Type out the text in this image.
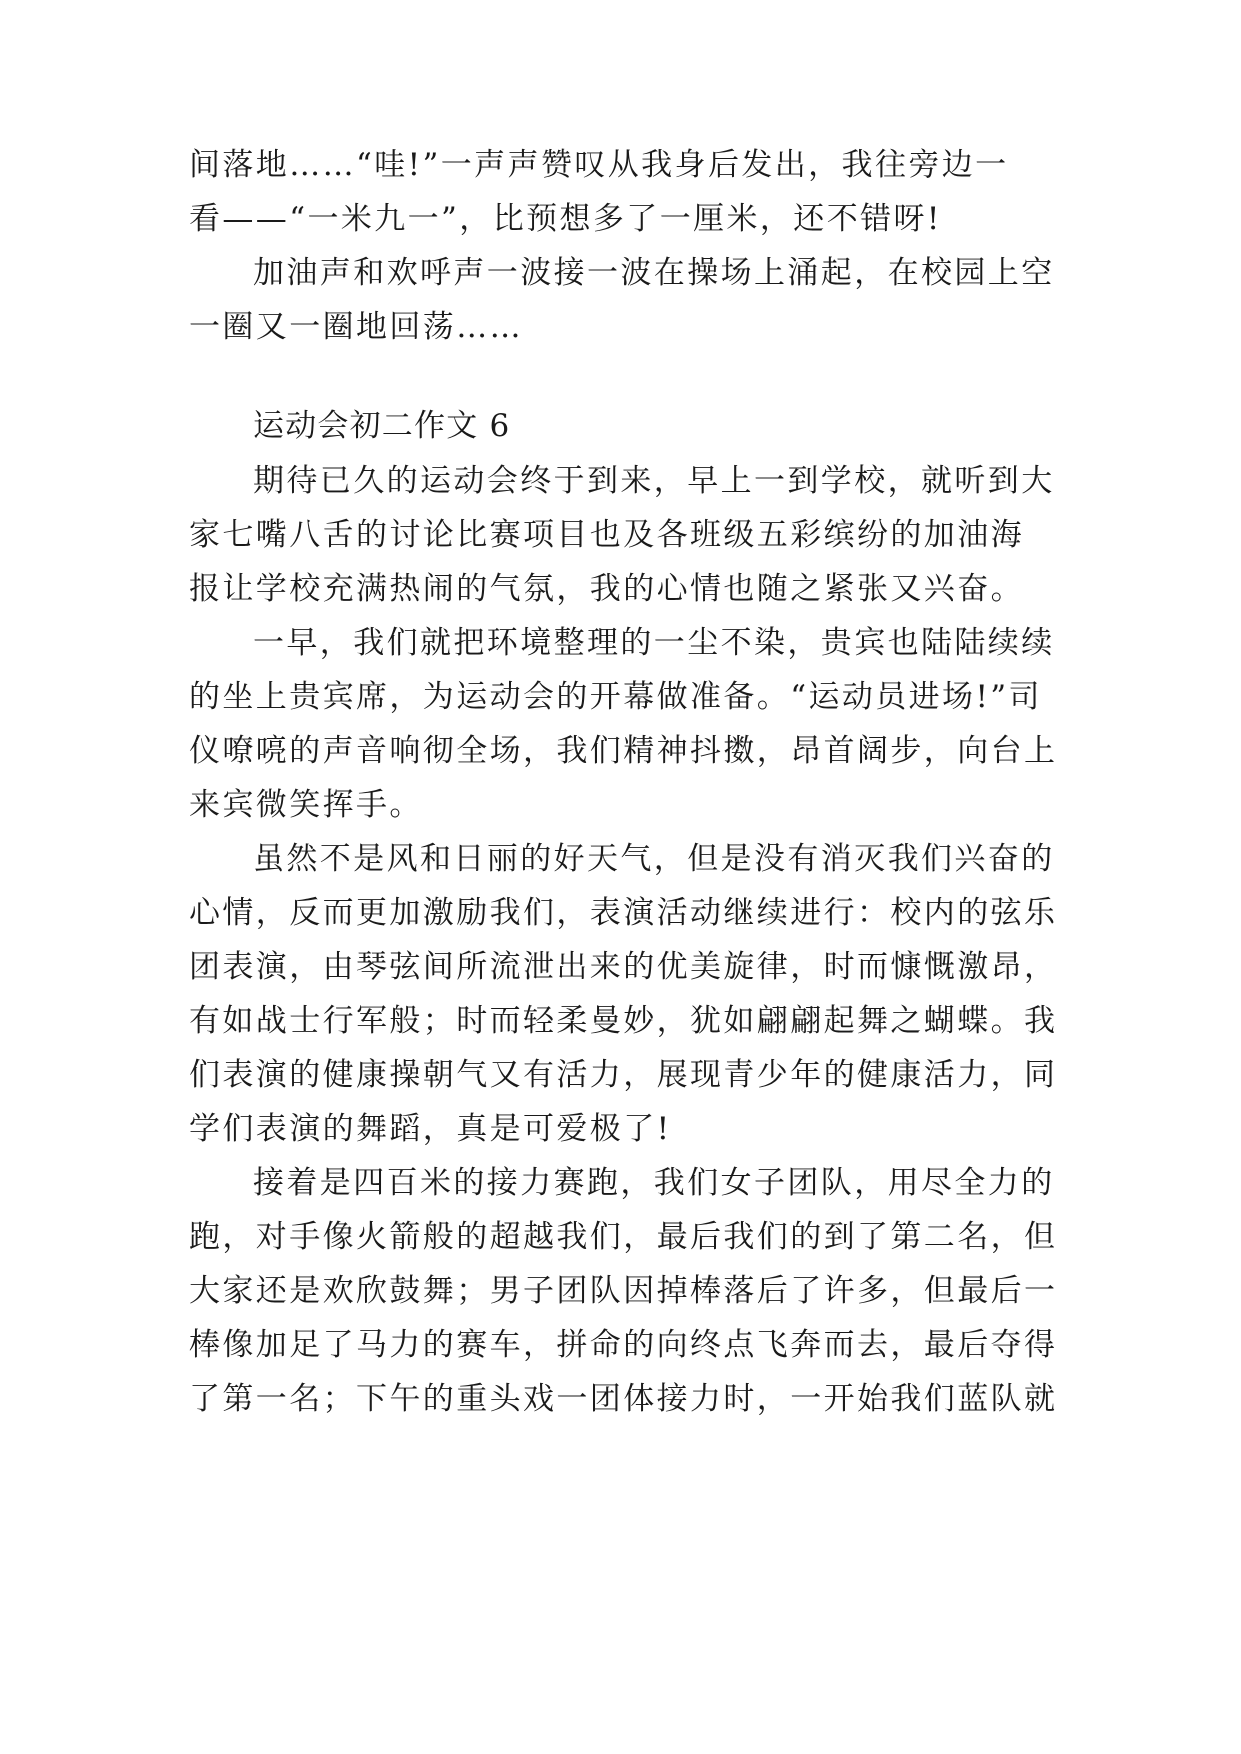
间落地……“哇!”一声声赞叹从我身后发出，我往旁边一
看——“一米九一”，比预想多了一厘米，还不错呀!
加油声和欢呼声一波接一波在操场上涌起，在校园上空
一圈又一圈地回荡……
运动会初二作文 6
期待已久的运动会终于到来，早上一到学校，就听到大
家七嘴八舌的讨论比赛项目也及各班级五彩缤纷的加油海
报让学校充满热闹的气氛，我的心情也随之紧张又兴奋。
一早，我们就把环境整理的一尘不染，贵宾也陆陆续续
的坐上贵宾席，为运动会的开幕做准备。“运动员进场!”司
仪嘹喨的声音响彻全场，我们精神抖擞，昂首阔步，向台上
来宾微笑挥手。
虽然不是风和日丽的好天气，但是没有消灭我们兴奋的
心情，反而更加激励我们，表演活动继续进行：校内的弦乐
团表演，由琴弦间所流泄出来的优美旋律，时而慷慨激昂，
有如战士行军般；时而轻柔曼妙，犹如翩翩起舞之蝴蝶。我
们表演的健康操朝气又有活力，展现青少年的健康活力，同
学们表演的舞蹈，真是可爱极了!
接着是四百米的接力赛跑，我们女子团队，用尽全力的
跑，对手像火箭般的超越我们，最后我们的到了第二名，但
大家还是欢欣鼓舞；男子团队因掉棒落后了许多，但最后一
棒像加足了马力的赛车，拼命的向终点飞奔而去，最后夺得
了第一名；下午的重头戏一团体接力时，一开始我们蓝队就
